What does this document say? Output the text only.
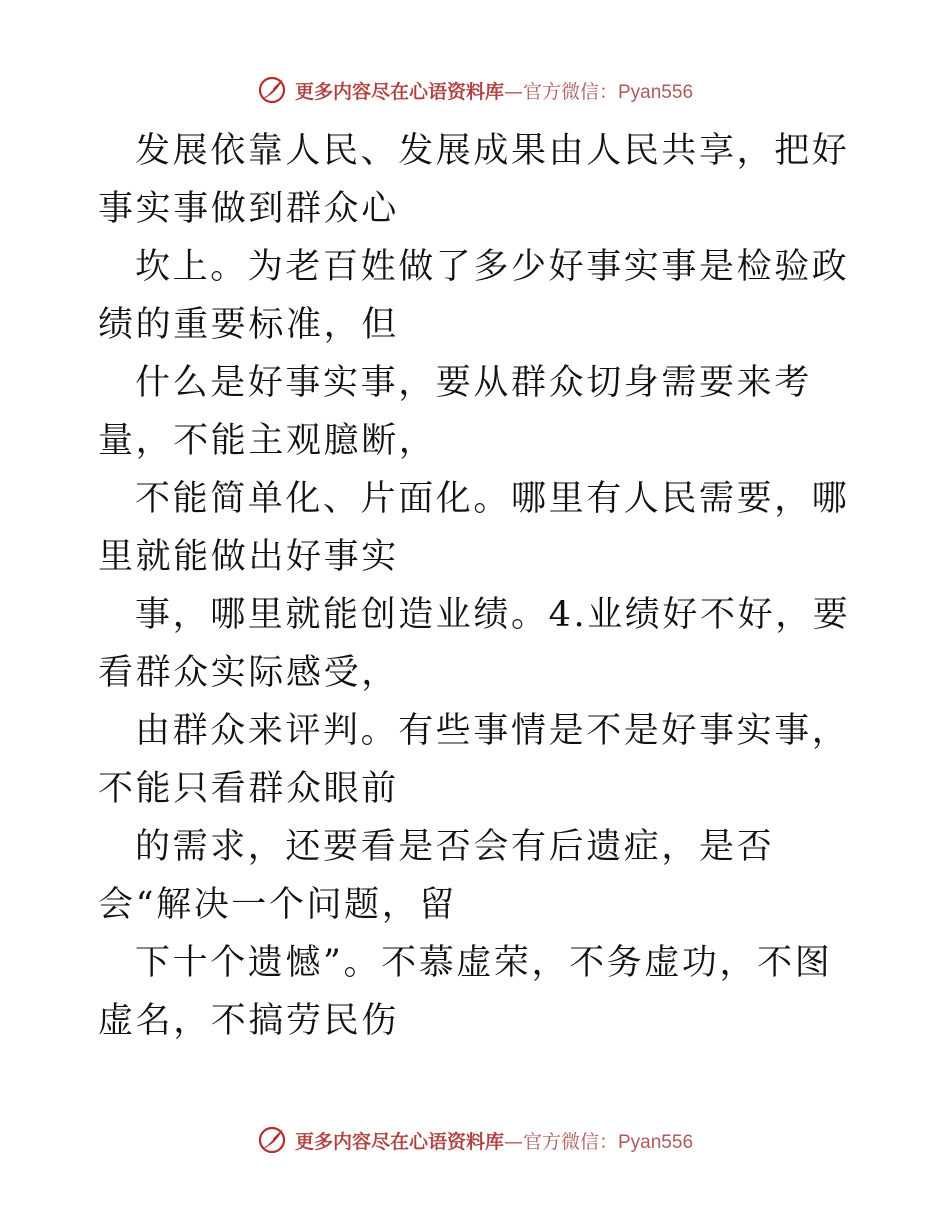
更多内容尽在心语资料库—官方微信：Pyan556

发展依靠人民、发展成果由人民共享，把好事实事做到群众心

坎上。为老百姓做了多少好事实事是检验政绩的重要标准，但

什么是好事实事，要从群众切身需要来考量，不能主观臆断，

不能简单化、片面化。哪里有人民需要，哪里就能做出好事实

事，哪里就能创造业绩。4.业绩好不好，要看群众实际感受，

由群众来评判。有些事情是不是好事实事，不能只看群众眼前

的需求，还要看是否会有后遗症，是否会“解决一个问题，留

下十个遗憾”。不慕虚荣，不务虚功，不图虚名，不搞劳民伤

更多内容尽在心语资料库—官方微信：Pyan556
